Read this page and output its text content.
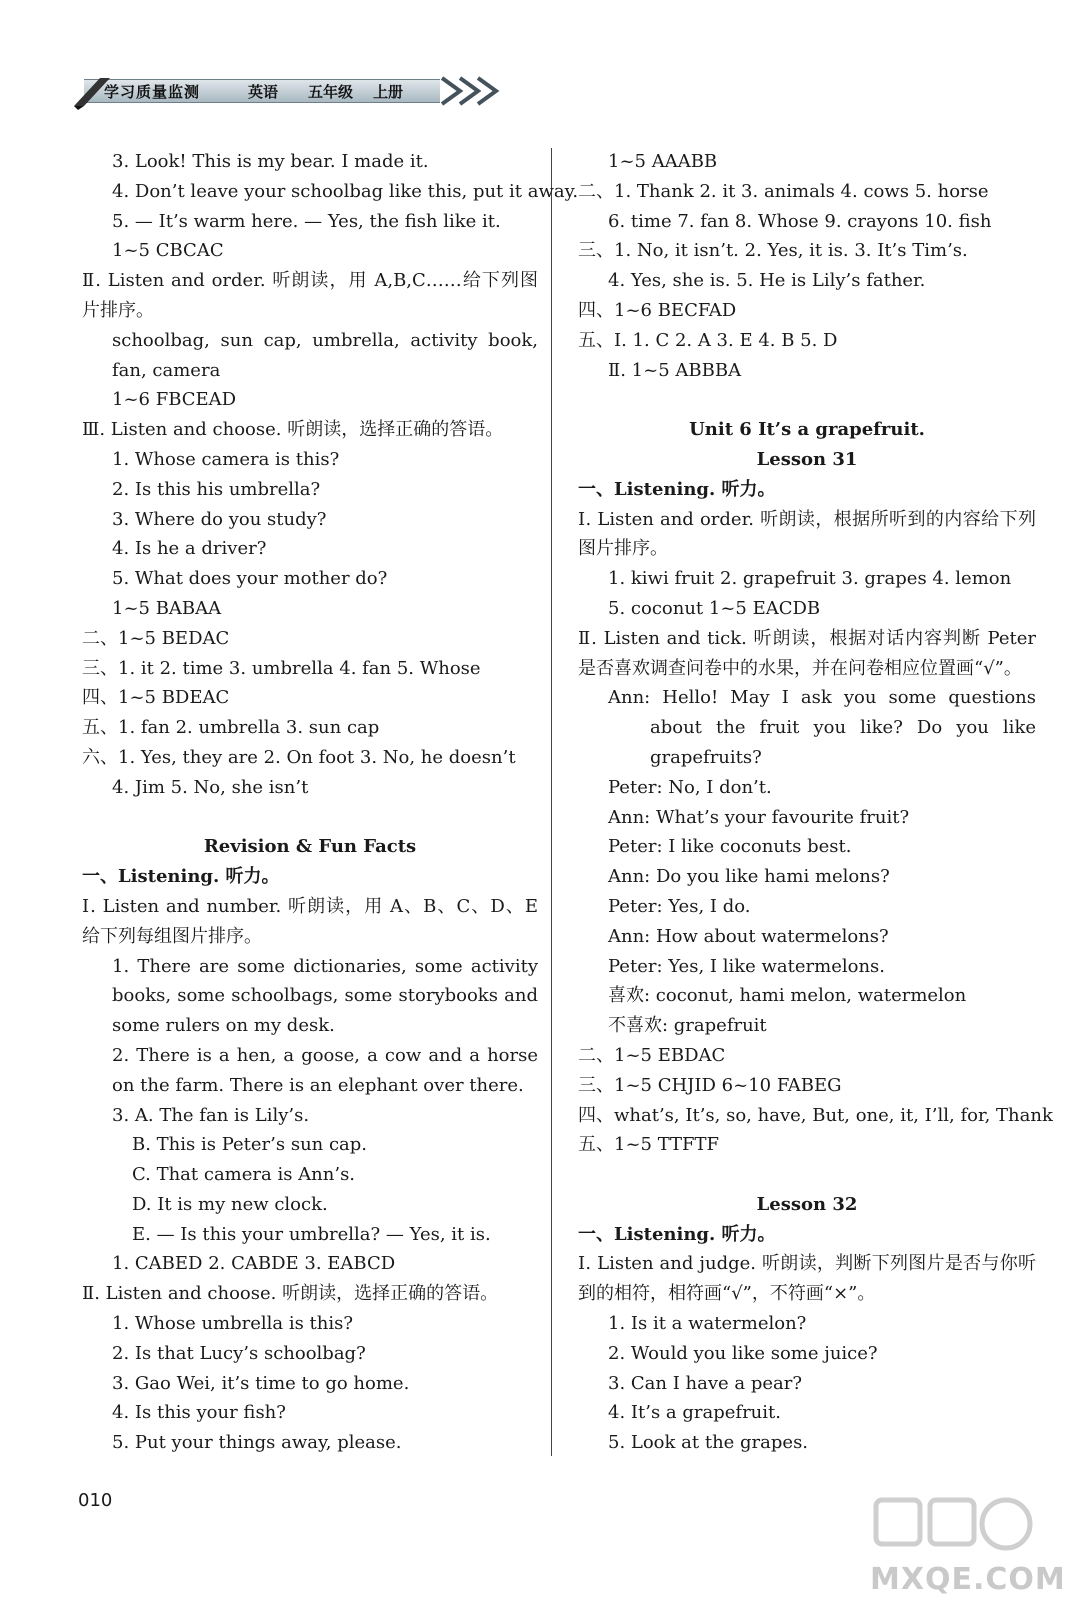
学习质量监测	英语 五年级 上册
3. Look! This is my bear. I made it.
4. Don’t leave your schoolbag like this, put it away.
5. — It’s warm here. — Yes, the fish like it.
1~5 CBCAC
Ⅱ. Listen and order. 听朗读，用 A,B,C……给下列图片排序。
schoolbag, sun cap, umbrella, activity book, fan, camera
1~6 FBCEAD
Ⅲ. Listen and choose. 听朗读，选择正确的答语。
1. Whose camera is this?
2. Is this his umbrella?
3. Where do you study?
4. Is he a driver?
5. What does your mother do?
1~5 BABAA
二、1~5 BEDAC
三、1. it 2. time 3. umbrella 4. fan 5. Whose
四、1~5 BDEAC
五、1. fan 2. umbrella 3. sun cap
六、1. Yes, they are 2. On foot 3. No, he doesn’t
4. Jim 5. No, she isn’t
Revision & Fun Facts
一、Listening. 听力。
Ⅰ. Listen and number. 听朗读，用 A、B、C、D、E 给下列每组图片排序。
1. There are some dictionaries, some activity books, some schoolbags, some storybooks and some rulers on my desk.
2. There is a hen, a goose, a cow and a horse on the farm. There is an elephant over there.
3. A. The fan is Lily’s.
B. This is Peter’s sun cap.
C. That camera is Ann’s.
D. It is my new clock.
E. — Is this your umbrella? — Yes, it is.
1. CABED 2. CABDE 3. EABCD
Ⅱ. Listen and choose. 听朗读，选择正确的答语。
1. Whose umbrella is this?
2. Is that Lucy’s schoolbag?
3. Gao Wei, it’s time to go home.
4. Is this your fish?
5. Put your things away, please.
1~5 AAABB
二、1. Thank 2. it 3. animals 4. cows 5. horse
6. time 7. fan 8. Whose 9. crayons 10. fish
三、1. No, it isn’t. 2. Yes, it is. 3. It’s Tim’s.
4. Yes, she is. 5. He is Lily’s father.
四、1~6 BECFAD
五、Ⅰ. 1. C 2. A 3. E 4. B 5. D
Ⅱ. 1~5 ABBBA
Unit 6 It’s a grapefruit.
Lesson 31
一、Listening. 听力。
Ⅰ. Listen and order. 听朗读，根据所听到的内容给下列图片排序。
1. kiwi fruit 2. grapefruit 3. grapes 4. lemon
5. coconut 1~5 EACDB
Ⅱ. Listen and tick. 听朗读，根据对话内容判断 Peter 是否喜欢调查问卷中的水果，并在问卷相应位置画“√”。
Ann: Hello! May I ask you some questions about the fruit you like? Do you like grapefruits?
Peter: No, I don’t.
Ann: What’s your favourite fruit?
Peter: I like coconuts best.
Ann: Do you like hami melons?
Peter: Yes, I do.
Ann: How about watermelons?
Peter: Yes, I like watermelons.
喜欢: coconut, hami melon, watermelon
不喜欢: grapefruit
二、1~5 EBDAC
三、1~5 CHJID 6~10 FABEG
四、what’s, It’s, so, have, But, one, it, I’ll, for, Thank
五、1~5 TTFTF
Lesson 32
一、Listening. 听力。
Ⅰ. Listen and judge. 听朗读，判断下列图片是否与你听到的相符，相符画“√”，不符画“×”。
1. Is it a watermelon?
2. Would you like some juice?
3. Can I have a pear?
4. It’s a grapefruit.
5. Look at the grapes.
010
MXQE.COM
